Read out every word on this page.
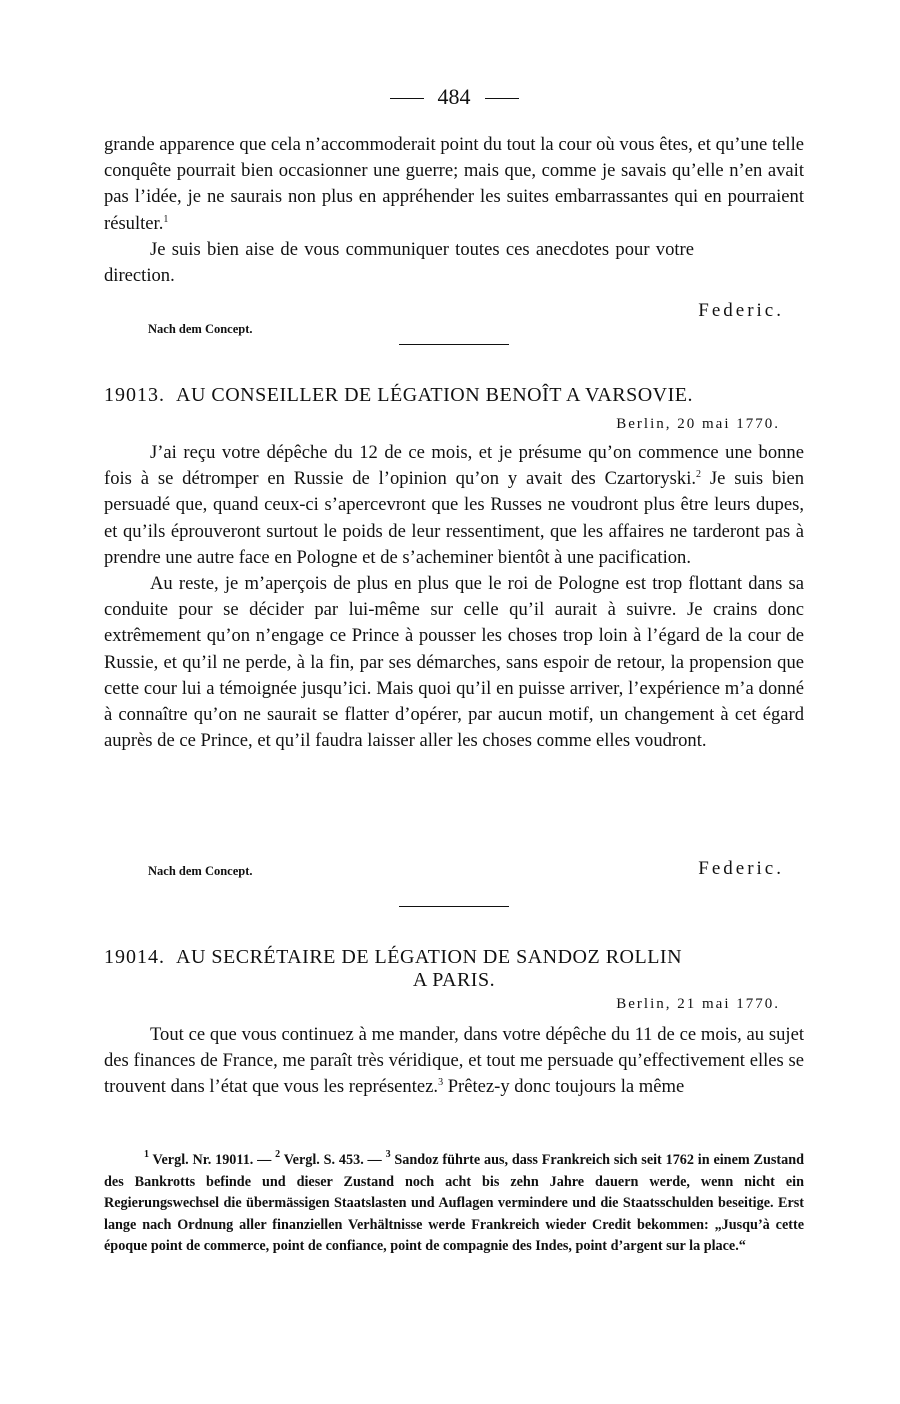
484

grande apparence que cela n’accommoderait point du tout la cour où vous êtes, et qu’une telle conquête pourrait bien occasionner une guerre; mais que, comme je savais qu’elle n’en avait pas l’idée, je ne saurais non plus en appréhender les suites embarrassantes qui en pourraient résulter.$^1$

Je suis bien aise de vous communiquer toutes ces anecdotes pour votre direction.

Federic.
Nach dem Concept.
19013. AU CONSEILLER DE LÉGATION BENOÎT A VARSOVIE.
Berlin, 20 mai 1770.

J’ai reçu votre dépêche du 12 de ce mois, et je présume qu’on commence une bonne fois à se détromper en Russie de l’opinion qu’on y avait des Czartoryski.$^2$ Je suis bien persuadé que, quand ceux-ci s’apercevront que les Russes ne voudront plus être leurs dupes, et qu’ils éprouveront surtout le poids de leur ressentiment, que les affaires ne tarderont pas à prendre une autre face en Pologne et de s’acheminer bientôt à une pacification.

Au reste, je m’aperçois de plus en plus que le roi de Pologne est trop flottant dans sa conduite pour se décider par lui-même sur celle qu’il aurait à suivre. Je crains donc extrêmement qu’on n’engage ce Prince à pousser les choses trop loin à l’égard de la cour de Russie, et qu’il ne perde, à la fin, par ses démarches, sans espoir de retour, la propension que cette cour lui a témoignée jusqu’ici. Mais quoi qu’il en puisse arriver, l’expérience m’a donné à connaître qu’on ne saurait se flatter d’opérer, par aucun motif, un changement à cet égard auprès de ce Prince, et qu’il faudra laisser aller les choses comme elles voudront.

Nach dem Concept.	Federic.
19014. AU SECRÉTAIRE DE LÉGATION DE SANDOZ ROLLIN
A PARIS.
Berlin, 21 mai 1770.

Tout ce que vous continuez à me mander, dans votre dépêche du 11 de ce mois, au sujet des finances de France, me paraît très véridique, et tout me persuade qu’effectivement elles se trouvent dans l’état que vous les représentez.$^3$ Prêtez-y donc toujours la même

$^1$ Vergl. Nr. 19011. — $^2$ Vergl. S. 453. — $^3$ Sandoz führte aus, dass Frankreich sich seit 1762 in einem Zustand des Bankrotts befinde und dieser Zustand noch acht bis zehn Jahre dauern werde, wenn nicht ein Regierungswechsel die übermässigen Staatslasten und Auflagen vermindere und die Staatsschulden beseitige. Erst lange nach Ordnung aller finanziellen Verhältnisse werde Frankreich wieder Credit bekommen: „Jusqu’à cette époque point de commerce, point de confiance, point de compagnie des Indes, point d’argent sur la place.“
